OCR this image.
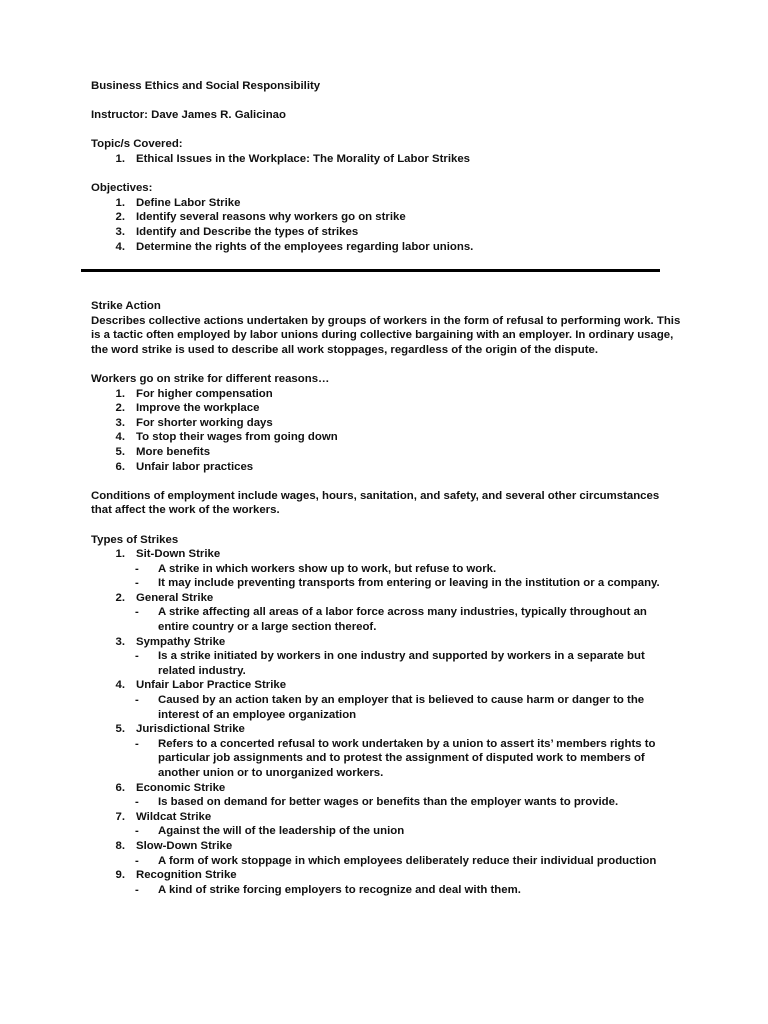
Business Ethics and Social Responsibility

Instructor: Dave James R. Galicinao

Topic/s Covered:

1. Ethical Issues in the Workplace: The Morality of Labor Strikes

Objectives:

1. Define Labor Strike
2. Identify several reasons why workers go on strike
3. Identify and Describe the types of strikes
4. Determine the rights of the employees regarding labor unions.

Strike Action

Describes collective actions undertaken by groups of workers in the form of refusal to performing work. This is a tactic often employed by labor unions during collective bargaining with an employer. In ordinary usage, the word strike is used to describe all work stoppages, regardless of the origin of the dispute.

Workers go on strike for different reasons…

1. For higher compensation
2. Improve the workplace
3. For shorter working days
4. To stop their wages from going down
5. More benefits
6. Unfair labor practices

Conditions of employment include wages, hours, sanitation, and safety, and several other circumstances that affect the work of the workers.

Types of Strikes

1. Sit-Down Strike
- A strike in which workers show up to work, but refuse to work.
- It may include preventing transports from entering or leaving in the institution or a company.
2. General Strike
- A strike affecting all areas of a labor force across many industries, typically throughout an entire country or a large section thereof.
3. Sympathy Strike
- Is a strike initiated by workers in one industry and supported by workers in a separate but related industry.
4. Unfair Labor Practice Strike
- Caused by an action taken by an employer that is believed to cause harm or danger to the interest of an employee organization
5. Jurisdictional Strike
- Refers to a concerted refusal to work undertaken by a union to assert its’ members rights to particular job assignments and to protest the assignment of disputed work to members of another union or to unorganized workers.
6. Economic Strike
- Is based on demand for better wages or benefits than the employer wants to provide.
7. Wildcat Strike
- Against the will of the leadership of the union
8. Slow-Down Strike
- A form of work stoppage in which employees deliberately reduce their individual production
9. Recognition Strike
- A kind of strike forcing employers to recognize and deal with them.
